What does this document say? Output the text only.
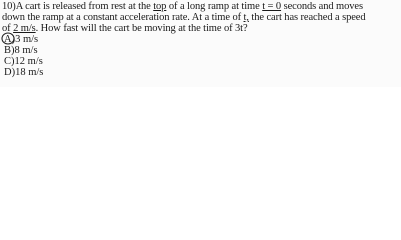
10)A cart is released from rest at the top of a long ramp at time t = 0 seconds and moves
down the ramp at a constant acceleration rate. At a time of t, the cart has reached a speed
of 2 m/s. How fast will the cart be moving at the time of 3t?
A)3 m/s
B)8 m/s
C)12 m/s
D)18 m/s
